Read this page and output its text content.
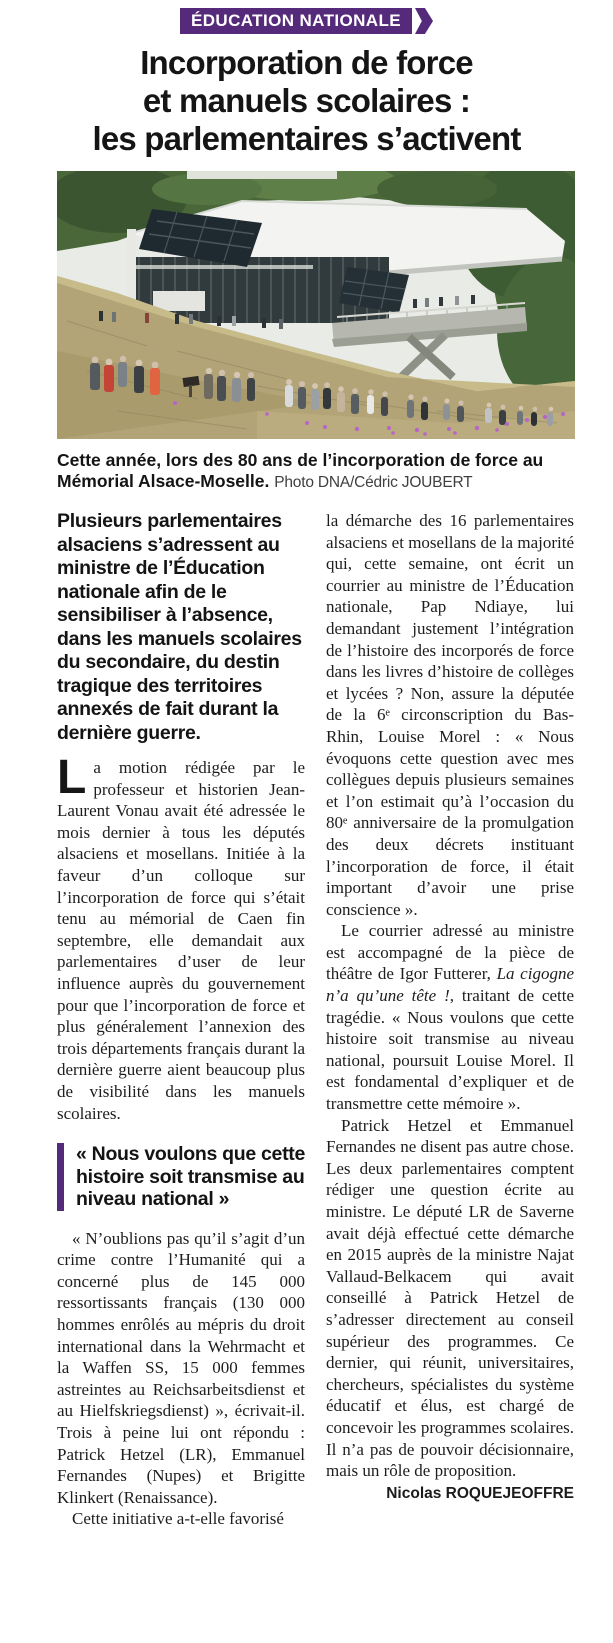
ÉDUCATION NATIONALE
Incorporation de force
et manuels scolaires :
les parlementaires s’activent

Cette année, lors des 80 ans de l’incorporation de force au Mémorial Alsace-Moselle. Photo DNA/Cédric JOUBERT

Plusieurs parlementaires alsaciens s’adressent au ministre de l’Éducation nationale afin de le sensibiliser à l’absence, dans les manuels scolaires du secondaire, du destin tragique des territoires annexés de fait durant la dernière guerre.

La motion rédigée par le professeur et historien Jean-Laurent Vonau avait été adressée le mois dernier à tous les députés alsaciens et mosellans. Initiée à la faveur d’un colloque sur l’incorporation de force qui s’était tenu au mémorial de Caen fin septembre, elle demandait aux parlementaires d’user de leur influence auprès du gouvernement pour que l’incorporation de force et plus généralement l’annexion des trois départements français durant la dernière guerre aient beaucoup plus de visibilité dans les manuels scolaires.

« Nous voulons que cette histoire soit transmise au niveau national »

« N’oublions pas qu’il s’agit d’un crime contre l’Humanité qui a concerné plus de 145 000 ressortissants français (130 000 hommes enrôlés au mépris du droit international dans la Wehrmacht et la Waffen SS, 15 000 femmes astreintes au Reichsarbeitsdienst et au Hielfskriegsdienst) », écrivait-il. Trois à peine lui ont répondu : Patrick Hetzel (LR), Emmanuel Fernandes (Nupes) et Brigitte Klinkert (Renaissance).

Cette initiative a-t-elle favorisé

la démarche des 16 parlementaires alsaciens et mosellans de la majorité qui, cette semaine, ont écrit un courrier au ministre de l’Éducation nationale, Pap Ndiaye, lui demandant justement l’intégration de l’histoire des incorporés de force dans les livres d’histoire de collèges et lycées ? Non, assure la députée de la 6ᵉ circonscription du Bas-Rhin, Louise Morel : « Nous évoquons cette question avec mes collègues depuis plusieurs semaines et l’on estimait qu’à l’occasion du 80ᵉ anniversaire de la promulgation des deux décrets instituant l’incorporation de force, il était important d’avoir une prise conscience ».

Le courrier adressé au ministre est accompagné de la pièce de théâtre de Igor Futterer, La cigogne n’a qu’une tête !, traitant de cette tragédie. « Nous voulons que cette histoire soit transmise au niveau national, poursuit Louise Morel. Il est fondamental d’expliquer et de transmettre cette mémoire ».

Patrick Hetzel et Emmanuel Fernandes ne disent pas autre chose. Les deux parlementaires comptent rédiger une question écrite au ministre. Le député LR de Saverne avait déjà effectué cette démarche en 2015 auprès de la ministre Najat Vallaud-Belkacem qui avait conseillé à Patrick Hetzel de s’adresser directement au conseil supérieur des programmes. Ce dernier, qui réunit, universitaires, chercheurs, spécialistes du système éducatif et élus, est chargé de concevoir les programmes scolaires. Il n’a pas de pouvoir décisionnaire, mais un rôle de proposition.

Nicolas ROQUEJEOFFRE
